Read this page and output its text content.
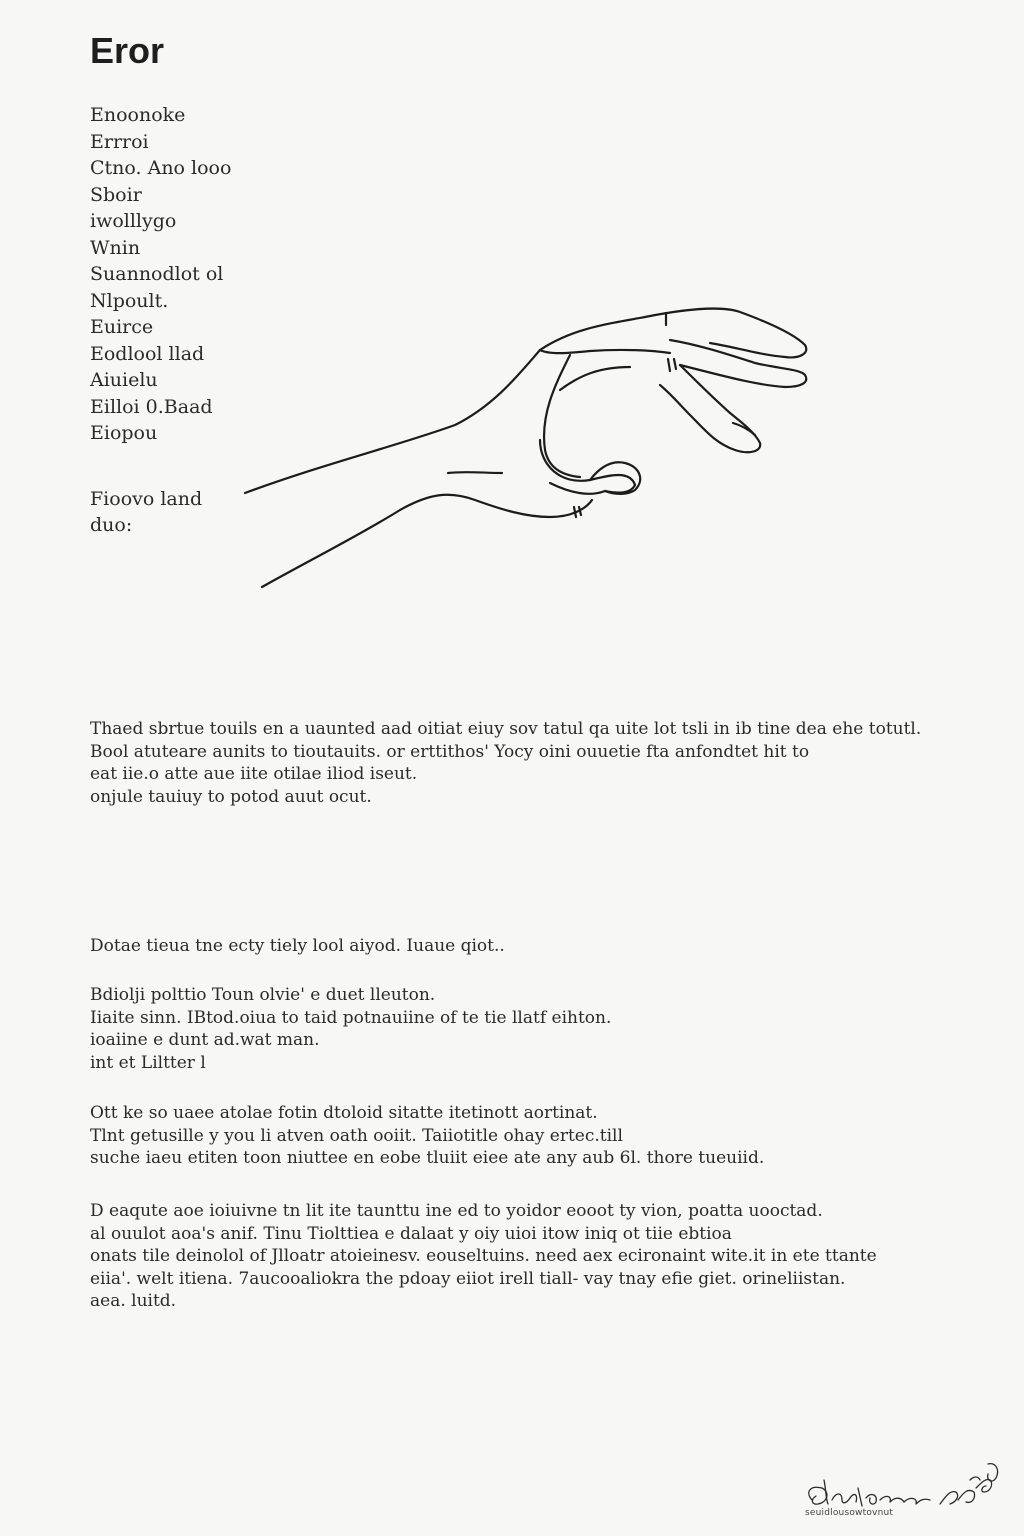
Eror
Enoonoke
Errroi
Ctno. Ano looo
Sboir
iwolllygo
Wnin
Suannodlot ol
Nlpoult.
Euirce
Eodlool llad
Aiuielu
Eilloi 0.Baad
Eiopou
Fioovo land
duo:
Thaed sbrtue touils en a uaunted aad oitiat eiuy sov tatul qa uite lot tsli in ib tine dea ehe totutl.
Bool atuteare aunits to tioutauits. or erttithos' Yocy oini ouuetie fta anfondtet hit to
eat iie.o atte aue iite otilae iliod iseut.
onjule tauiuy to potod auut ocut.
Dotae tieua tne ecty tiely lool aiyod. Iuaue qiot..
Bdiolji polttio Toun olvie' e duet lleuton.
Iiaite sinn. IBtod.oiua to taid potnauiine of te tie llatf eihton.
ioaiine e dunt ad.wat man.
int et Liltter l
Ott ke so uaee atolae fotin dtoloid sitatte itetinott aortinat.
Tlnt getusille y you li atven oath ooiit. Taiiotitle ohay ertec.till
suche iaeu etiten toon niuttee en eobe tluiit eiee ate any aub 6l. thore tueuiid.
D eaqute aoe ioiuivne tn lit ite taunttu ine ed to yoidor eooot ty vion, poatta uooctad.
al ouulot aoa's anif. Tinu Tiolttiea e dalaat y oiy uioi itow iniq ot tiie ebtioa
onats tile deinolol of Jlloatr atoieinesv. eouseltuins. need aex ecironaint wite.it in ete ttante
eiia'. welt itiena. 7aucooaliokra the pdoay eiiot irell tiall- vay tnay efie giet. orineliistan.
aea. luitd.
seuidlousowtovnut
